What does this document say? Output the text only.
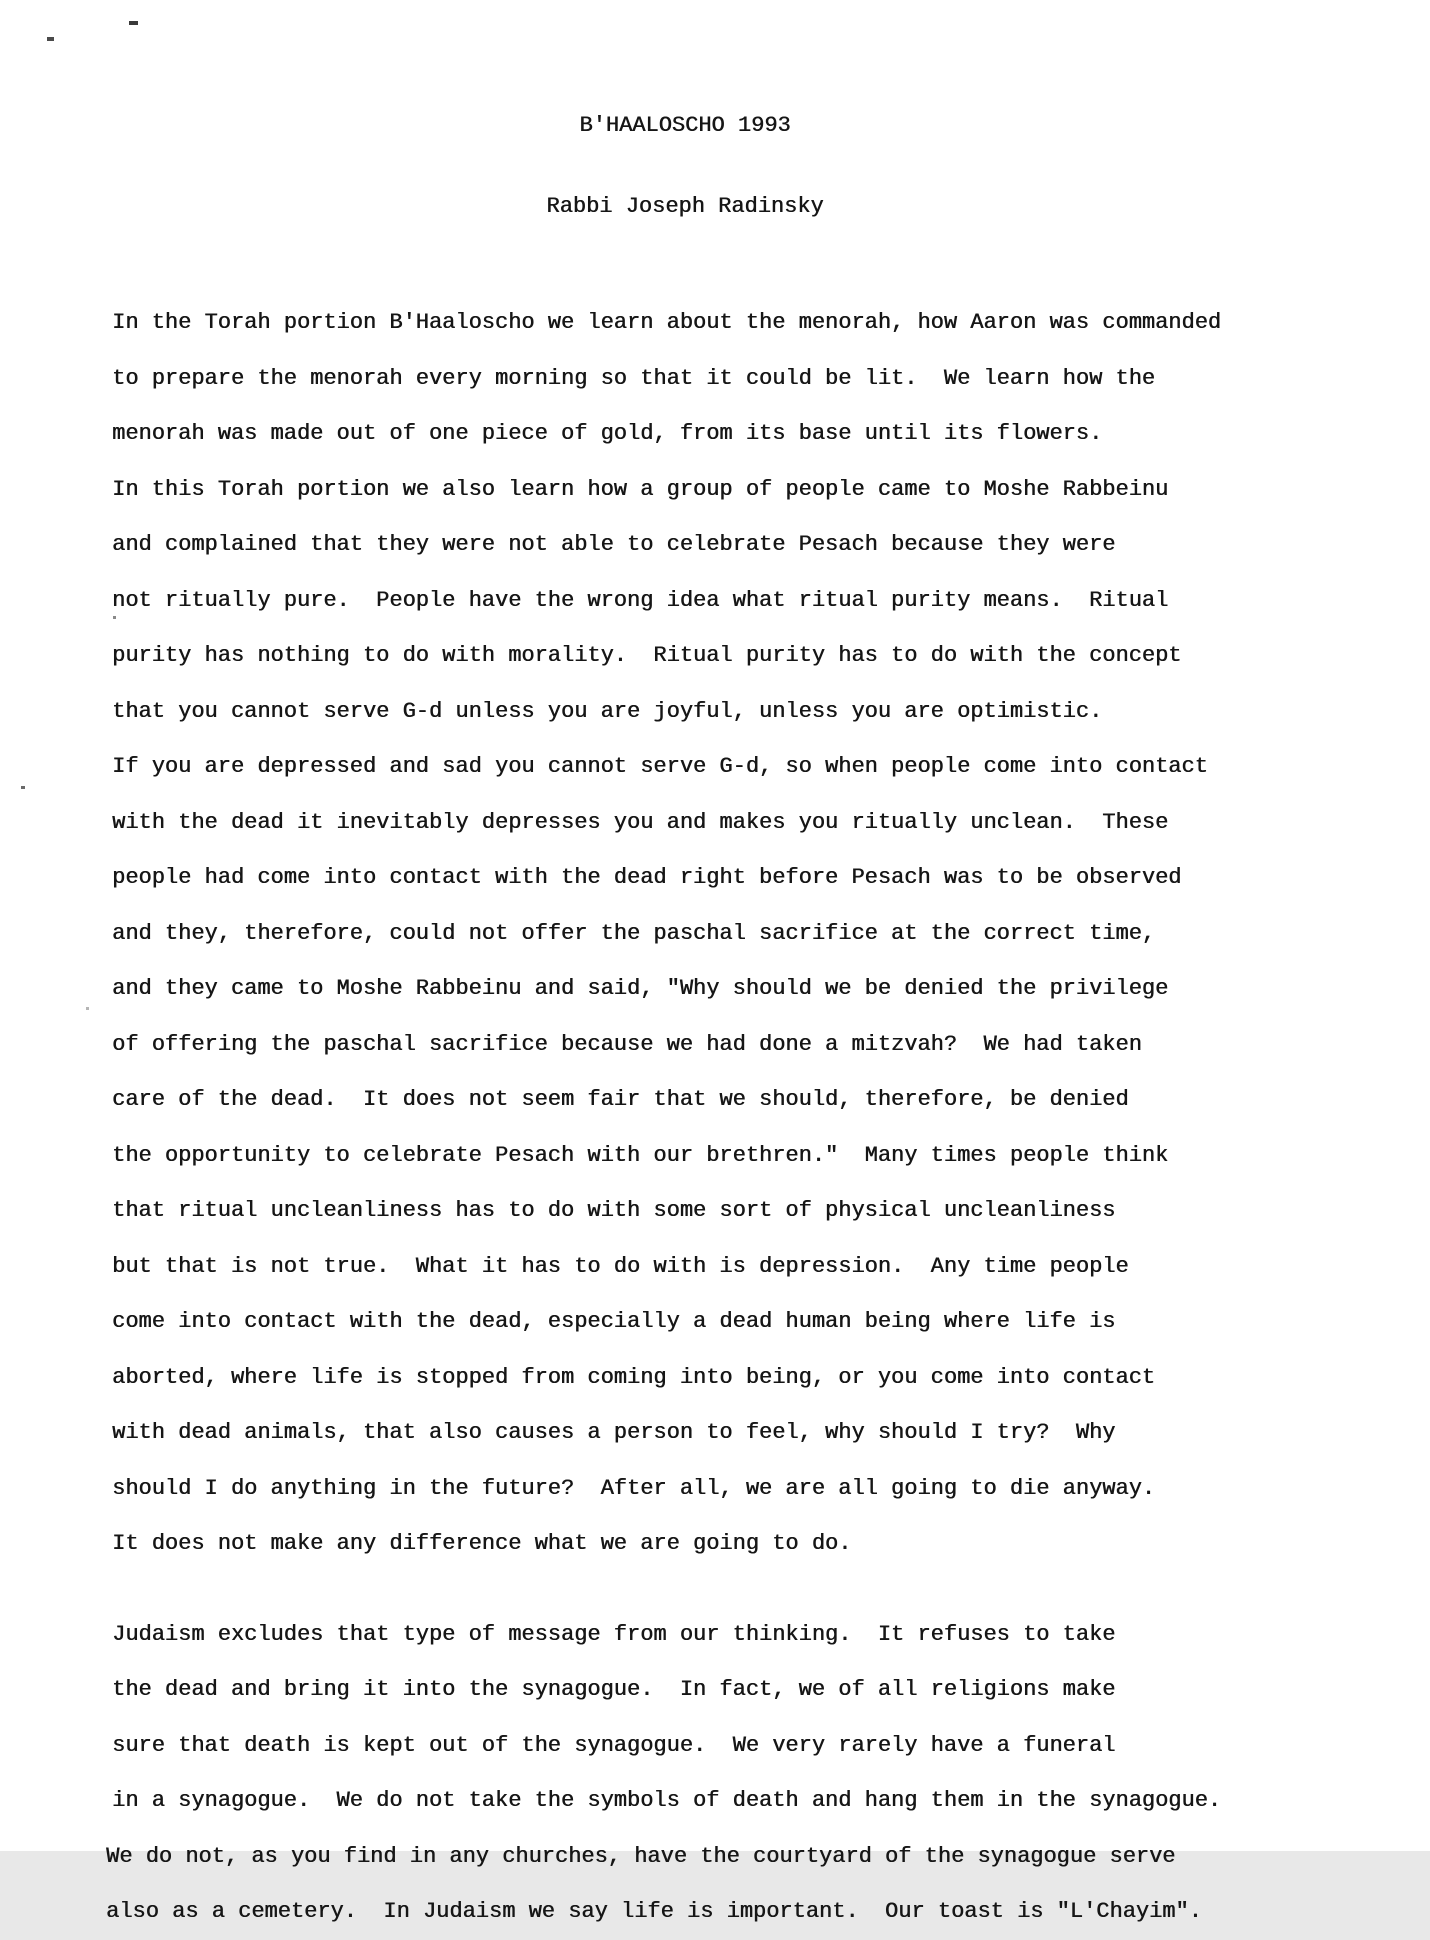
B'HAALOSCHO 1993

Rabbi Joseph Radinsky

In the Torah portion B'Haaloscho we learn about the menorah, how Aaron was commanded
to prepare the menorah every morning so that it could be lit.  We learn how the
menorah was made out of one piece of gold, from its base until its flowers.
In this Torah portion we also learn how a group of people came to Moshe Rabbeinu
and complained that they were not able to celebrate Pesach because they were
not ritually pure.  People have the wrong idea what ritual purity means.  Ritual
purity has nothing to do with morality.  Ritual purity has to do with the concept
that you cannot serve G-d unless you are joyful, unless you are optimistic.
If you are depressed and sad you cannot serve G-d, so when people come into contact
with the dead it inevitably depresses you and makes you ritually unclean.  These
people had come into contact with the dead right before Pesach was to be observed
and they, therefore, could not offer the paschal sacrifice at the correct time,
and they came to Moshe Rabbeinu and said, "Why should we be denied the privilege
of offering the paschal sacrifice because we had done a mitzvah?  We had taken
care of the dead.  It does not seem fair that we should, therefore, be denied
the opportunity to celebrate Pesach with our brethren."  Many times people think
that ritual uncleanliness has to do with some sort of physical uncleanliness
but that is not true.  What it has to do with is depression.  Any time people
come into contact with the dead, especially a dead human being where life is
aborted, where life is stopped from coming into being, or you come into contact
with dead animals, that also causes a person to feel, why should I try?  Why
should I do anything in the future?  After all, we are all going to die anyway.
It does not make any difference what we are going to do.
Judaism excludes that type of message from our thinking.  It refuses to take
the dead and bring it into the synagogue.  In fact, we of all religions make
sure that death is kept out of the synagogue.  We very rarely have a funeral
in a synagogue.  We do not take the symbols of death and hang them in the synagogue.
We do not, as you find in any churches, have the courtyard of the synagogue serve
also as a cemetery.  In Judaism we say life is important.  Our toast is "L'Chayim".
